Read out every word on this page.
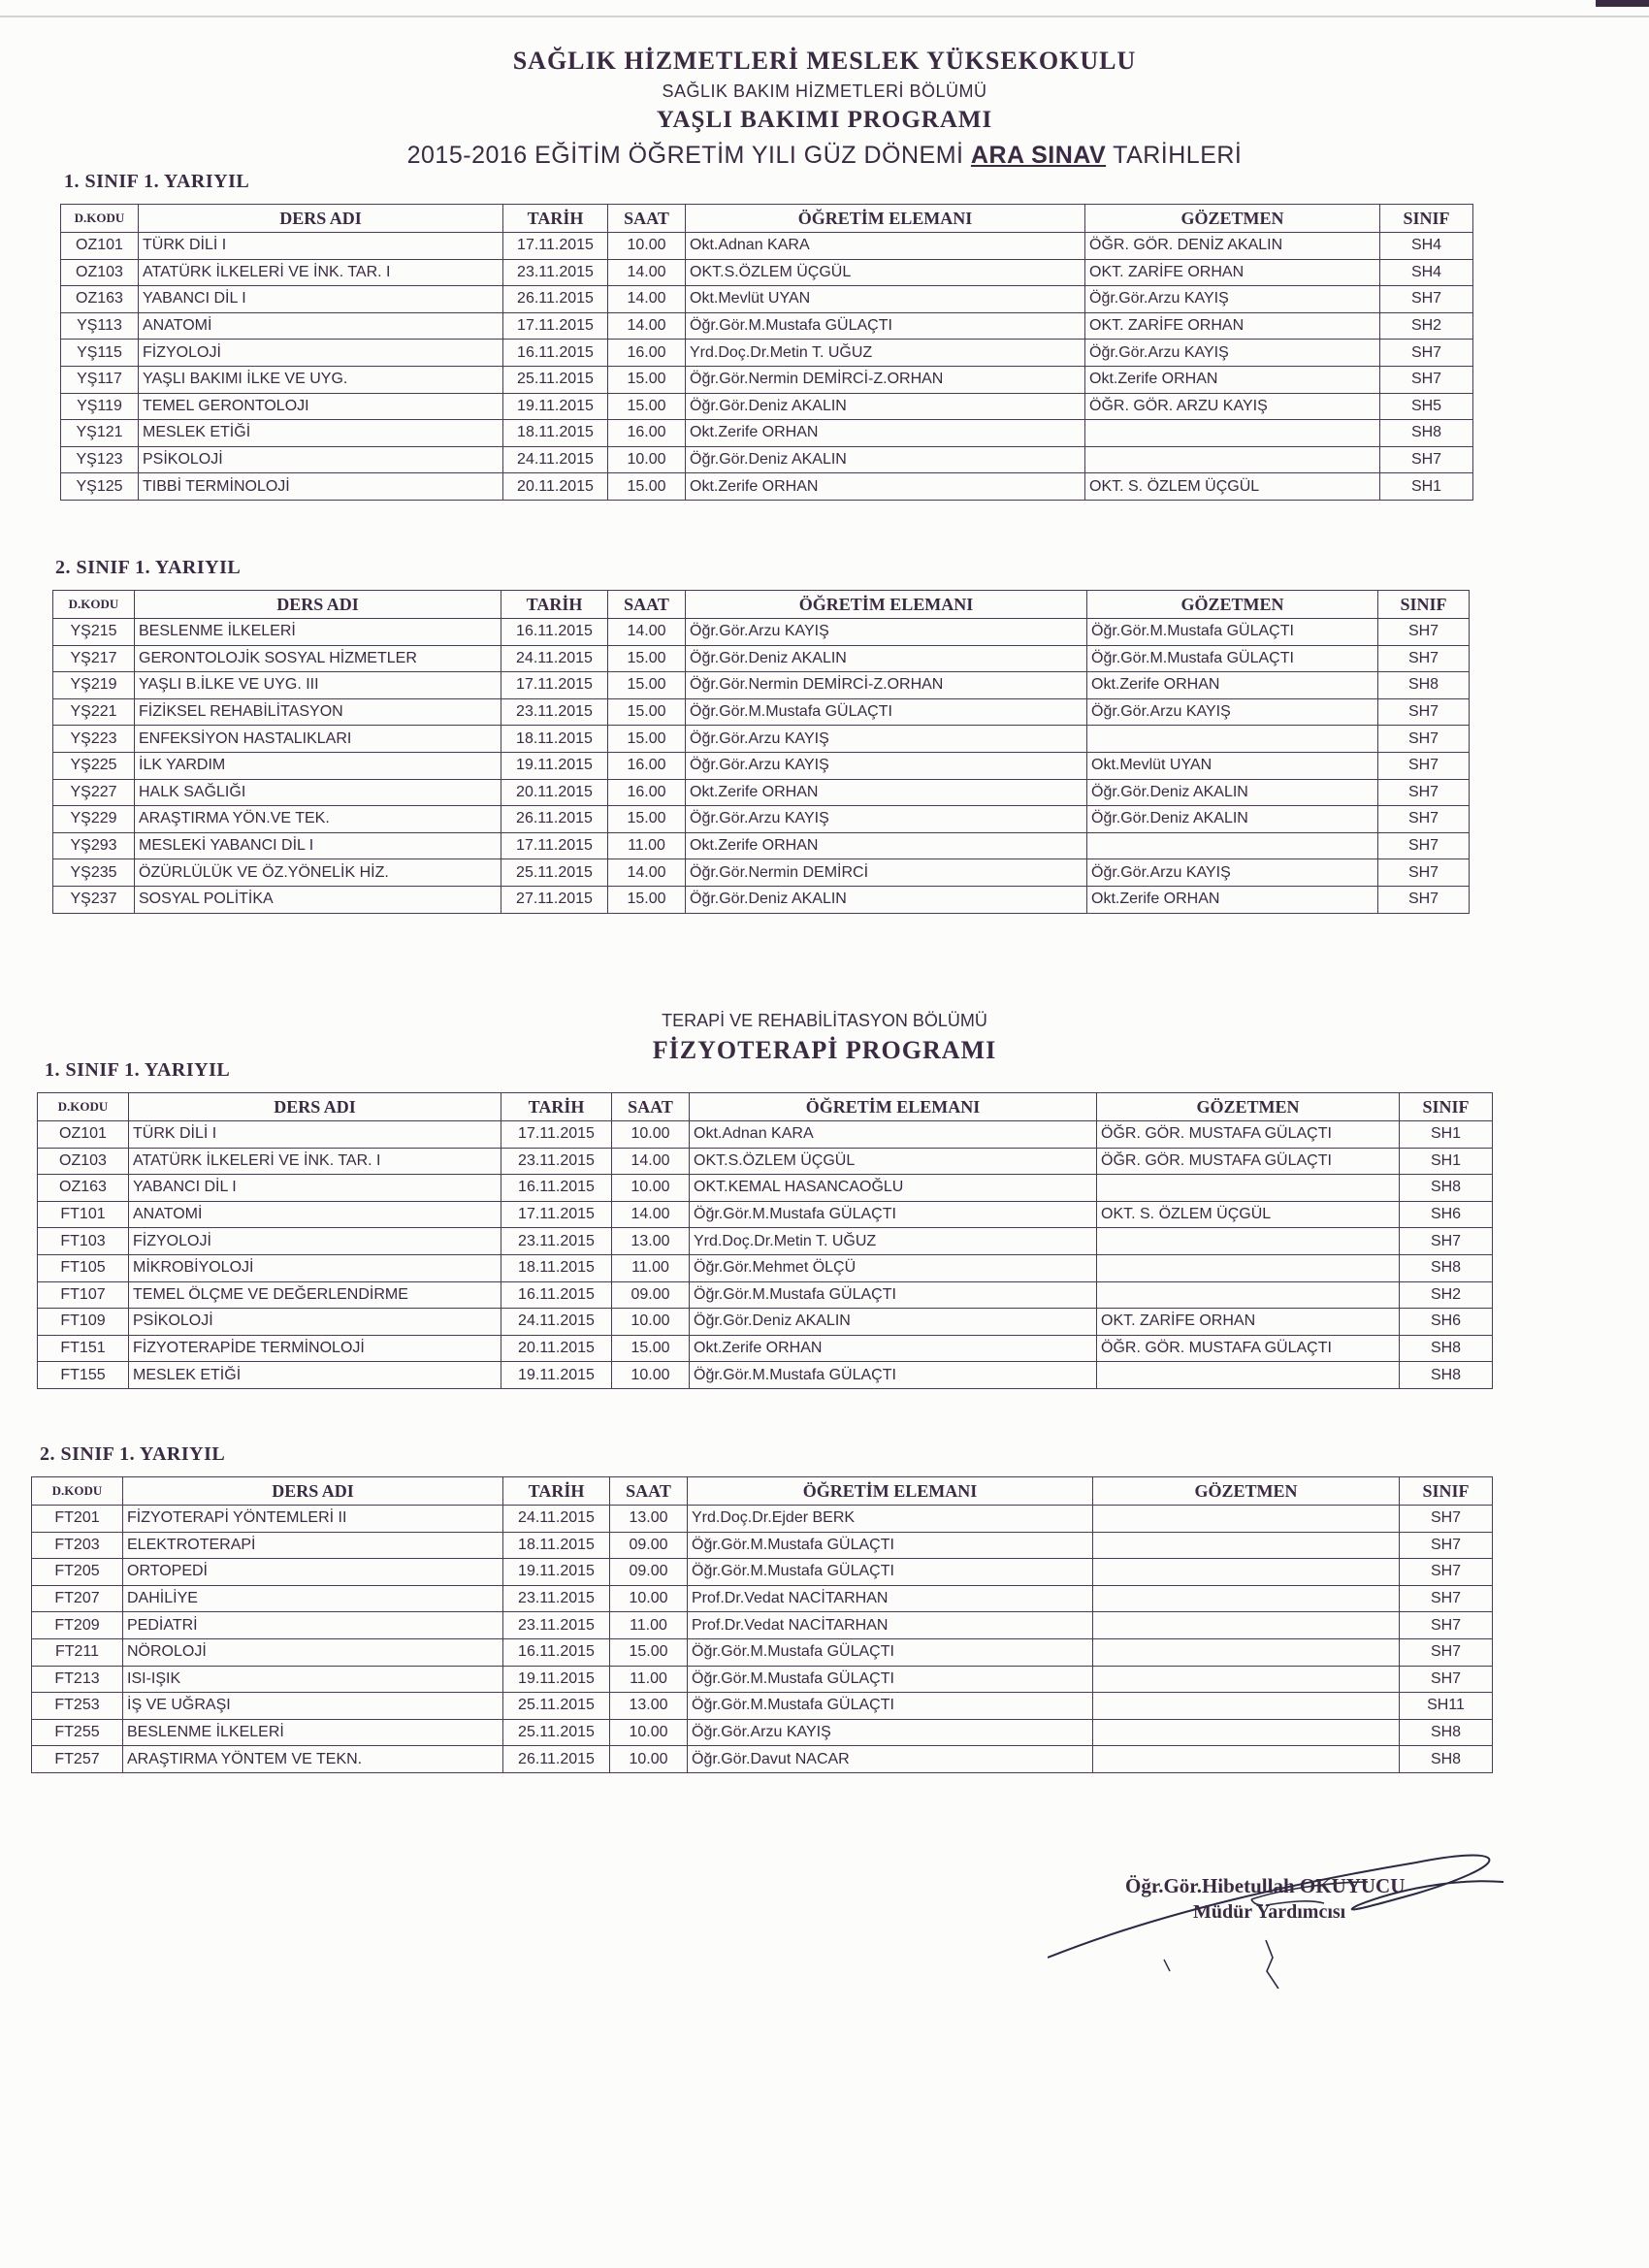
SAĞLIK HİZMETLERİ MESLEK YÜKSEKOKULU
SAĞLIK BAKIM HİZMETLERİ BÖLÜMÜ
YAŞLI BAKIMI PROGRAMI
2015-2016 EĞİTİM ÖĞRETİM YILI GÜZ DÖNEMİ ARA SINAV TARİHLERİ
TERAPİ VE REHABİLİTASYON BÖLÜMÜ
FİZYOTERAPİ PROGRAMI
1. SINIF 1. YARIYIL
D.KODU	DERS ADI	TARİH	SAAT	ÖĞRETİM ELEMANI	GÖZETMEN	SINIF
OZ101	TÜRK DİLİ I	17.11.2015	10.00	Okt.Adnan KARA	ÖĞR. GÖR. DENİZ AKALIN	SH4
OZ103	ATATÜRK İLKELERİ VE İNK. TAR. I	23.11.2015	14.00	OKT.S.ÖZLEM ÜÇGÜL	OKT. ZARİFE ORHAN	SH4
OZ163	YABANCI DİL I	26.11.2015	14.00	Okt.Mevlüt UYAN	Öğr.Gör.Arzu KAYIŞ	SH7
YŞ113	ANATOMİ	17.11.2015	14.00	Öğr.Gör.M.Mustafa GÜLAÇTI	OKT. ZARİFE ORHAN	SH2
YŞ115	FİZYOLOJİ	16.11.2015	16.00	Yrd.Doç.Dr.Metin T. UĞUZ	Öğr.Gör.Arzu KAYIŞ	SH7
YŞ117	YAŞLI BAKIMI İLKE VE UYG.	25.11.2015	15.00	Öğr.Gör.Nermin DEMİRCİ-Z.ORHAN	Okt.Zerife ORHAN	SH7
YŞ119	TEMEL GERONTOLOJI	19.11.2015	15.00	Öğr.Gör.Deniz AKALIN	ÖĞR. GÖR. ARZU KAYIŞ	SH5
YŞ121	MESLEK ETİĞİ	18.11.2015	16.00	Okt.Zerife ORHAN		SH8
YŞ123	PSİKOLOJİ	24.11.2015	10.00	Öğr.Gör.Deniz AKALIN		SH7
YŞ125	TIBBİ TERMİNOLOJİ	20.11.2015	15.00	Okt.Zerife ORHAN	OKT. S. ÖZLEM ÜÇGÜL	SH1
2. SINIF 1. YARIYIL
D.KODU	DERS ADI	TARİH	SAAT	ÖĞRETİM ELEMANI	GÖZETMEN	SINIF
YŞ215	BESLENME İLKELERİ	16.11.2015	14.00	Öğr.Gör.Arzu KAYIŞ	Öğr.Gör.M.Mustafa GÜLAÇTI	SH7
YŞ217	GERONTOLOJİK SOSYAL HİZMETLER	24.11.2015	15.00	Öğr.Gör.Deniz AKALIN	Öğr.Gör.M.Mustafa GÜLAÇTI	SH7
YŞ219	YAŞLI B.İLKE VE UYG. III	17.11.2015	15.00	Öğr.Gör.Nermin DEMİRCİ-Z.ORHAN	Okt.Zerife ORHAN	SH8
YŞ221	FİZİKSEL REHABİLİTASYON	23.11.2015	15.00	Öğr.Gör.M.Mustafa GÜLAÇTI	Öğr.Gör.Arzu KAYIŞ	SH7
YŞ223	ENFEKSİYON HASTALIKLARI	18.11.2015	15.00	Öğr.Gör.Arzu KAYIŞ		SH7
YŞ225	İLK YARDIM	19.11.2015	16.00	Öğr.Gör.Arzu KAYIŞ	Okt.Mevlüt UYAN	SH7
YŞ227	HALK SAĞLIĞI	20.11.2015	16.00	Okt.Zerife ORHAN	Öğr.Gör.Deniz AKALIN	SH7
YŞ229	ARAŞTIRMA YÖN.VE TEK.	26.11.2015	15.00	Öğr.Gör.Arzu KAYIŞ	Öğr.Gör.Deniz AKALIN	SH7
YŞ293	MESLEKİ YABANCI DİL I	17.11.2015	11.00	Okt.Zerife ORHAN		SH7
YŞ235	ÖZÜRLÜLÜK VE ÖZ.YÖNELİK HİZ.	25.11.2015	14.00	Öğr.Gör.Nermin DEMİRCİ	Öğr.Gör.Arzu KAYIŞ	SH7
YŞ237	SOSYAL POLİTİKA	27.11.2015	15.00	Öğr.Gör.Deniz AKALIN	Okt.Zerife ORHAN	SH7
1. SINIF 1. YARIYIL
D.KODU	DERS ADI	TARİH	SAAT	ÖĞRETİM ELEMANI	GÖZETMEN	SINIF
OZ101	TÜRK DİLİ I	17.11.2015	10.00	Okt.Adnan KARA	ÖĞR. GÖR. MUSTAFA GÜLAÇTI	SH1
OZ103	ATATÜRK İLKELERİ VE İNK. TAR. I	23.11.2015	14.00	OKT.S.ÖZLEM ÜÇGÜL	ÖĞR. GÖR. MUSTAFA GÜLAÇTI	SH1
OZ163	YABANCI DİL I	16.11.2015	10.00	OKT.KEMAL HASANCAOĞLU		SH8
FT101	ANATOMİ	17.11.2015	14.00	Öğr.Gör.M.Mustafa GÜLAÇTI	OKT. S. ÖZLEM ÜÇGÜL	SH6
FT103	FİZYOLOJİ	23.11.2015	13.00	Yrd.Doç.Dr.Metin T. UĞUZ		SH7
FT105	MİKROBİYOLOJİ	18.11.2015	11.00	Öğr.Gör.Mehmet ÖLÇÜ		SH8
FT107	TEMEL ÖLÇME VE DEĞERLENDİRME	16.11.2015	09.00	Öğr.Gör.M.Mustafa GÜLAÇTI		SH2
FT109	PSİKOLOJİ	24.11.2015	10.00	Öğr.Gör.Deniz AKALIN	OKT. ZARİFE ORHAN	SH6
FT151	FİZYOTERAPİDE TERMİNOLOJİ	20.11.2015	15.00	Okt.Zerife ORHAN	ÖĞR. GÖR. MUSTAFA GÜLAÇTI	SH8
FT155	MESLEK ETİĞİ	19.11.2015	10.00	Öğr.Gör.M.Mustafa GÜLAÇTI		SH8
2. SINIF 1. YARIYIL
D.KODU	DERS ADI	TARİH	SAAT	ÖĞRETİM ELEMANI	GÖZETMEN	SINIF
FT201	FİZYOTERAPİ YÖNTEMLERİ II	24.11.2015	13.00	Yrd.Doç.Dr.Ejder BERK		SH7
FT203	ELEKTROTERAPİ	18.11.2015	09.00	Öğr.Gör.M.Mustafa GÜLAÇTI		SH7
FT205	ORTOPEDİ	19.11.2015	09.00	Öğr.Gör.M.Mustafa GÜLAÇTI		SH7
FT207	DAHİLİYE	23.11.2015	10.00	Prof.Dr.Vedat NACİTARHAN		SH7
FT209	PEDİATRİ	23.11.2015	11.00	Prof.Dr.Vedat NACİTARHAN		SH7
FT211	NÖROLOJİ	16.11.2015	15.00	Öğr.Gör.M.Mustafa GÜLAÇTI		SH7
FT213	ISI-IŞIK	19.11.2015	11.00	Öğr.Gör.M.Mustafa GÜLAÇTI		SH7
FT253	İŞ VE UĞRAŞI	25.11.2015	13.00	Öğr.Gör.M.Mustafa GÜLAÇTI		SH11
FT255	BESLENME İLKELERİ	25.11.2015	10.00	Öğr.Gör.Arzu KAYIŞ		SH8
FT257	ARAŞTIRMA YÖNTEM VE TEKN.	26.11.2015	10.00	Öğr.Gör.Davut NACAR		SH8
Öğr.Gör.Hibetullah OKUYUCU
Müdür Yardımcısı
